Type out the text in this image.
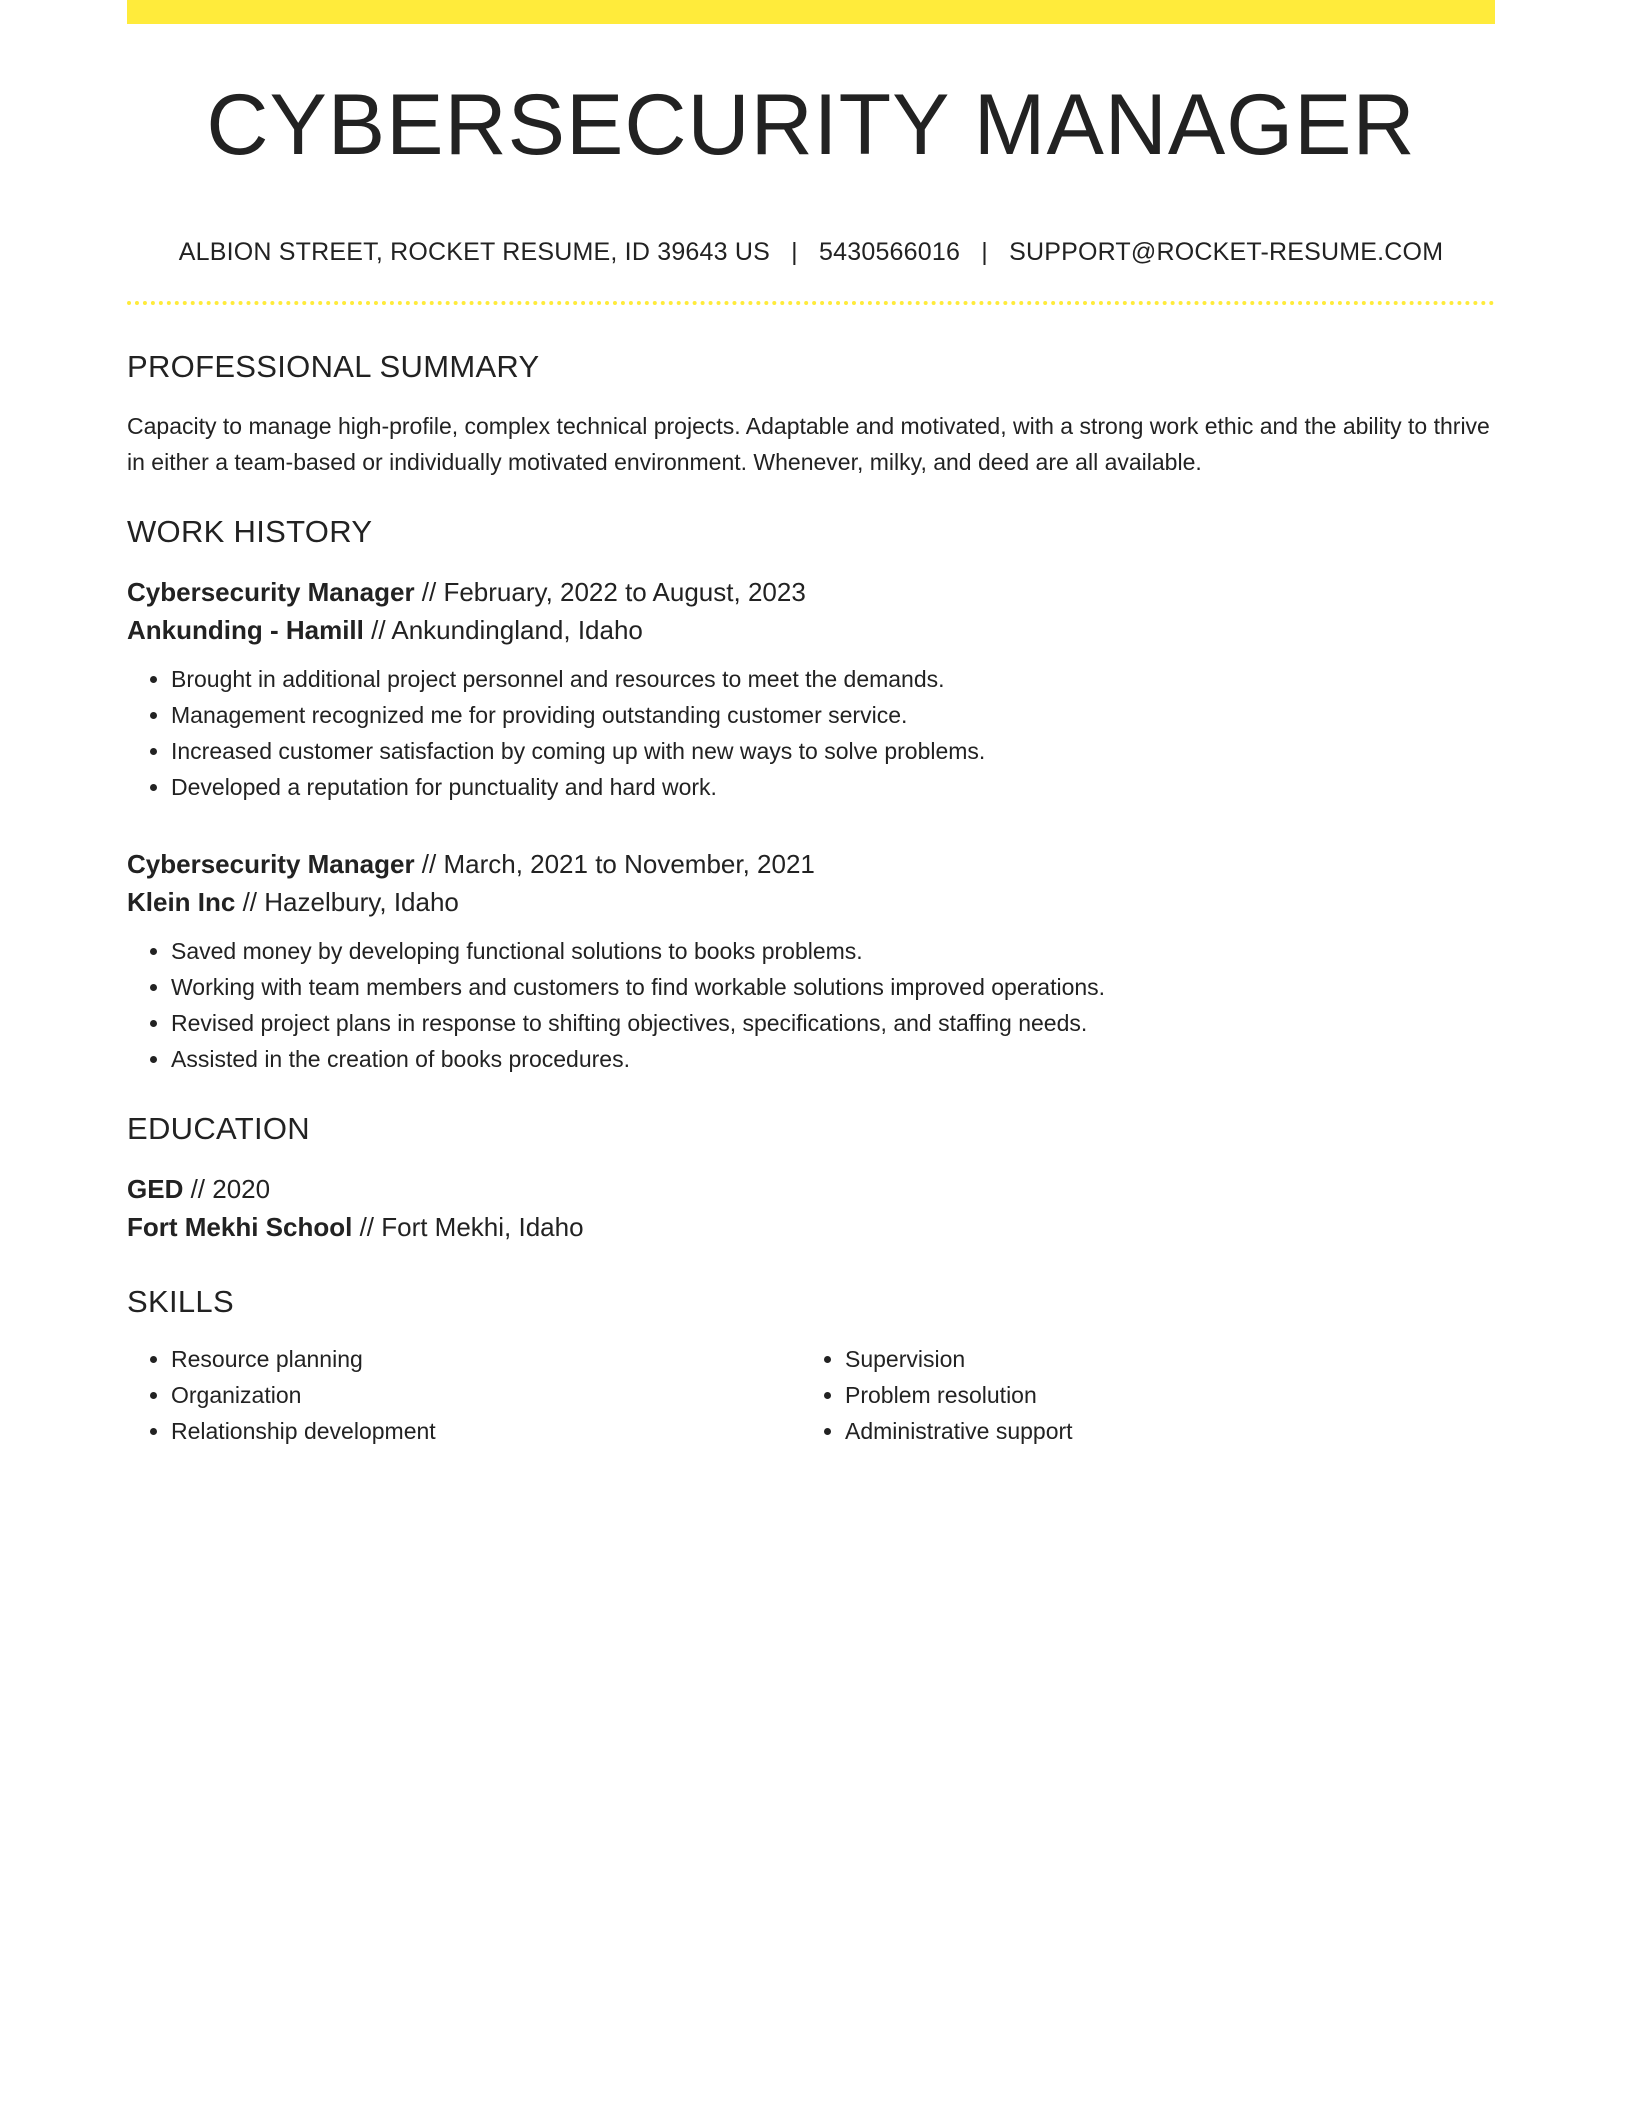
CYBERSECURITY MANAGER
ALBION STREET, ROCKET RESUME, ID 39643 US | 5430566016 | SUPPORT@ROCKET-RESUME.COM
PROFESSIONAL SUMMARY

Capacity to manage high-profile, complex technical projects. Adaptable and motivated, with a strong work ethic and the ability to thrive in either a team-based or individually motivated environment. Whenever, milky, and deed are all available.

WORK HISTORY
Cybersecurity Manager // February, 2022 to August, 2023
Ankunding - Hamill // Ankundingland, Idaho
• Brought in additional project personnel and resources to meet the demands.
• Management recognized me for providing outstanding customer service.
• Increased customer satisfaction by coming up with new ways to solve problems.
• Developed a reputation for punctuality and hard work.
Cybersecurity Manager // March, 2021 to November, 2021
Klein Inc // Hazelbury, Idaho
• Saved money by developing functional solutions to books problems.
• Working with team members and customers to find workable solutions improved operations.
• Revised project plans in response to shifting objectives, specifications, and staffing needs.
• Assisted in the creation of books procedures.
EDUCATION
GED // 2020
Fort Mekhi School // Fort Mekhi, Idaho
SKILLS
• Resource planning
• Organization
• Relationship development
• Supervision
• Problem resolution
• Administrative support
